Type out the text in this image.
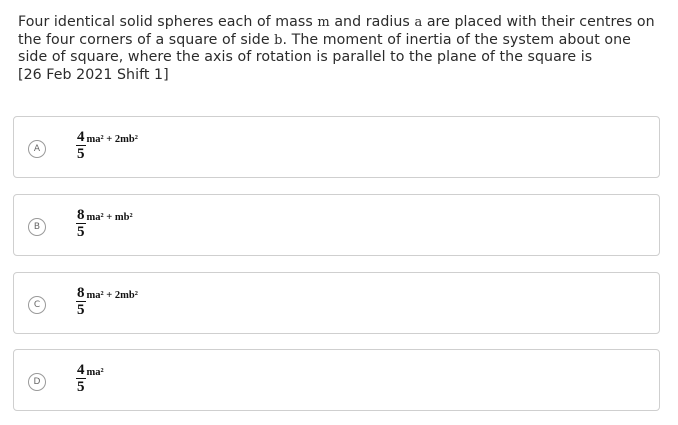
Four identical solid spheres each of mass m and radius a are placed with their centres on
the four corners of a square of side b. The moment of inertia of the system about one
side of square, where the axis of rotation is parallel to the plane of the square is
[26 Feb 2021 Shift 1]
A	$\frac{4}{5} ma^2 + 2mb^2$
B	$\frac{8}{5} ma^2 + mb^2$
C	$\frac{8}{5} ma^2 + 2mb^2$
D	$\frac{4}{5} ma^2$
